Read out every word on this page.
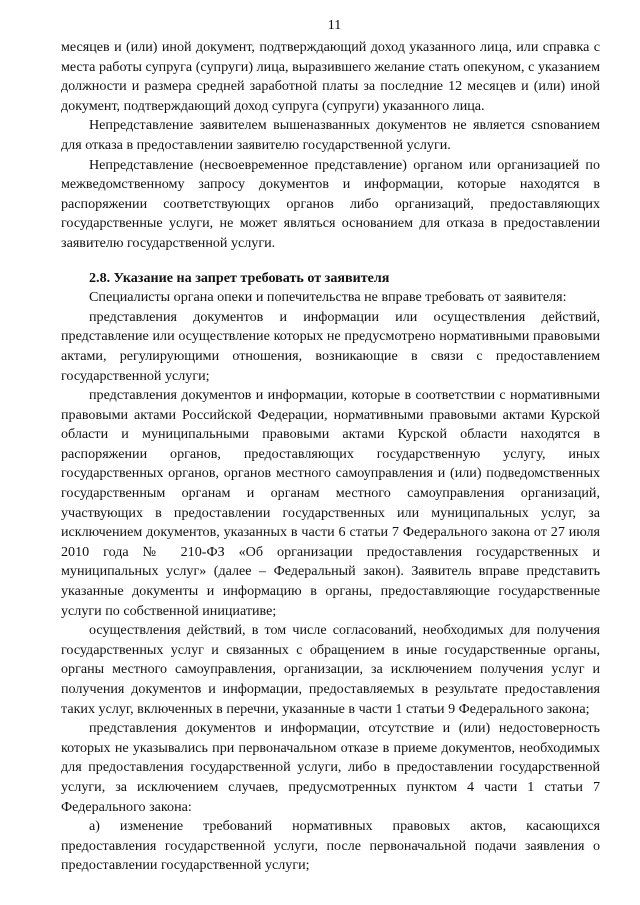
11

месяцев и (или) иной документ, подтверждающий доход указанного лица, или справка с места работы супруга (супруги) лица, выразившего желание стать опекуном, с указанием должности и размера средней заработной платы за последние 12 месяцев и (или) иной документ, подтверждающий доход супруга (супруги) указанного лица.

Непредставление заявителем вышеназванных документов не является сsnованием для отказа в предоставлении заявителю государственной услуги.

Непредставление (несвоевременное представление) органом или организацией по межведомственному запросу документов и информации, которые находятся в распоряжении соответствующих органов либо организаций, предоставляющих государственные услуги, не может являться основанием для отказа в предоставлении заявителю государственной услуги.

2.8. Указание на запрет требовать от заявителя

Специалисты органа опеки и попечительства не вправе требовать от заявителя:

представления документов и информации или осуществления действий, представление или осуществление которых не предусмотрено нормативными правовыми актами, регулирующими отношения, возникающие в связи с предоставлением государственной услуги;

представления документов и информации, которые в соответствии с нормативными правовыми актами Российской Федерации, нормативными правовыми актами Курской области и муниципальными правовыми актами Курской области находятся в распоряжении органов, предоставляющих государственную услугу, иных государственных органов, органов местного самоуправления и (или) подведомственных государственным органам и органам местного самоуправления организаций, участвующих в предоставлении государственных или муниципальных услуг, за исключением документов, указанных в части 6 статьи 7 Федерального закона от 27 июля 2010 года № 210-ФЗ «Об организации предоставления государственных и муниципальных услуг» (далее – Федеральный закон). Заявитель вправе представить указанные документы и информацию в органы, предоставляющие государственные услуги по собственной инициативе;

осуществления действий, в том числе согласований, необходимых для получения государственных услуг и связанных с обращением в иные государственные органы, органы местного самоуправления, организации, за исключением получения услуг и получения документов и информации, предоставляемых в результате предоставления таких услуг, включенных в перечни, указанные в части 1 статьи 9 Федерального закона;

представления документов и информации, отсутствие и (или) недостоверность которых не указывались при первоначальном отказе в приеме документов, необходимых для предоставления государственной услуги, либо в предоставлении государственной услуги, за исключением случаев, предусмотренных пунктом 4 части 1 статьи 7 Федерального закона:

а) изменение требований нормативных правовых актов, касающихся предоставления государственной услуги, после первоначальной подачи заявления о предоставлении государственной услуги;
